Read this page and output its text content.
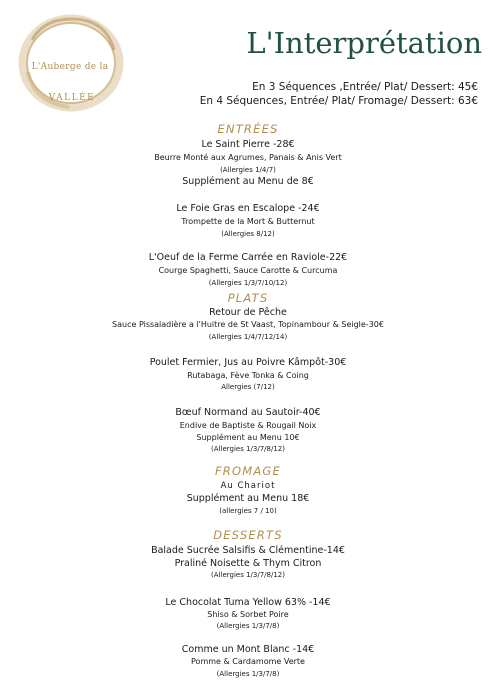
L'Auberge de la
VALLÉE
L'Interprétation
En 3 Séquences ,Entrée/ Plat/ Dessert: 45€
En 4 Séquences, Entrée/ Plat/ Fromage/ Dessert: 63€
ENTRÉES
Le Saint Pierre -28€
Beurre Monté aux Agrumes, Panais & Anis Vert
(Allergies 1/4/7)
Supplément au Menu de 8€
Le Foie Gras en Escalope -24€
Trompette de la Mort & Butternut
(Allergies 8/12)
L'Oeuf de la Ferme Carrée en Raviole-22€
Courge Spaghetti, Sauce Carotte & Curcuma
(Allergies 1/3/7/10/12)
PLATS
Retour de Pêche
Sauce Pissaladière a l'Huitre de St Vaast, Topinambour & Seigle-30€
(Allergies 1/4/7/12/14)
Poulet Fermier, Jus au Poivre Kâmpôt-30€
Rutabaga, Fève Tonka & Coing
Allergies (7/12)
Bœuf Normand au Sautoir-40€
Endive de Baptiste & Rougail Noix
Supplément au Menu 10€
(Allergies 1/3/7/8/12)
FROMAGE
Au Chariot
Supplément au Menu 18€
(allergies 7 / 10)
DESSERTS
Balade Sucrée Salsifis & Clémentine-14€
Praliné Noisette & Thym Citron
(Allergies 1/3/7/8/12)
Le Chocolat Tuma Yellow 63% -14€
Shiso & Sorbet Poire
(Allergies 1/3/7/8)
Comme un Mont Blanc -14€
Pomme & Cardamome Verte
(Allergies 1/3/7/8)
